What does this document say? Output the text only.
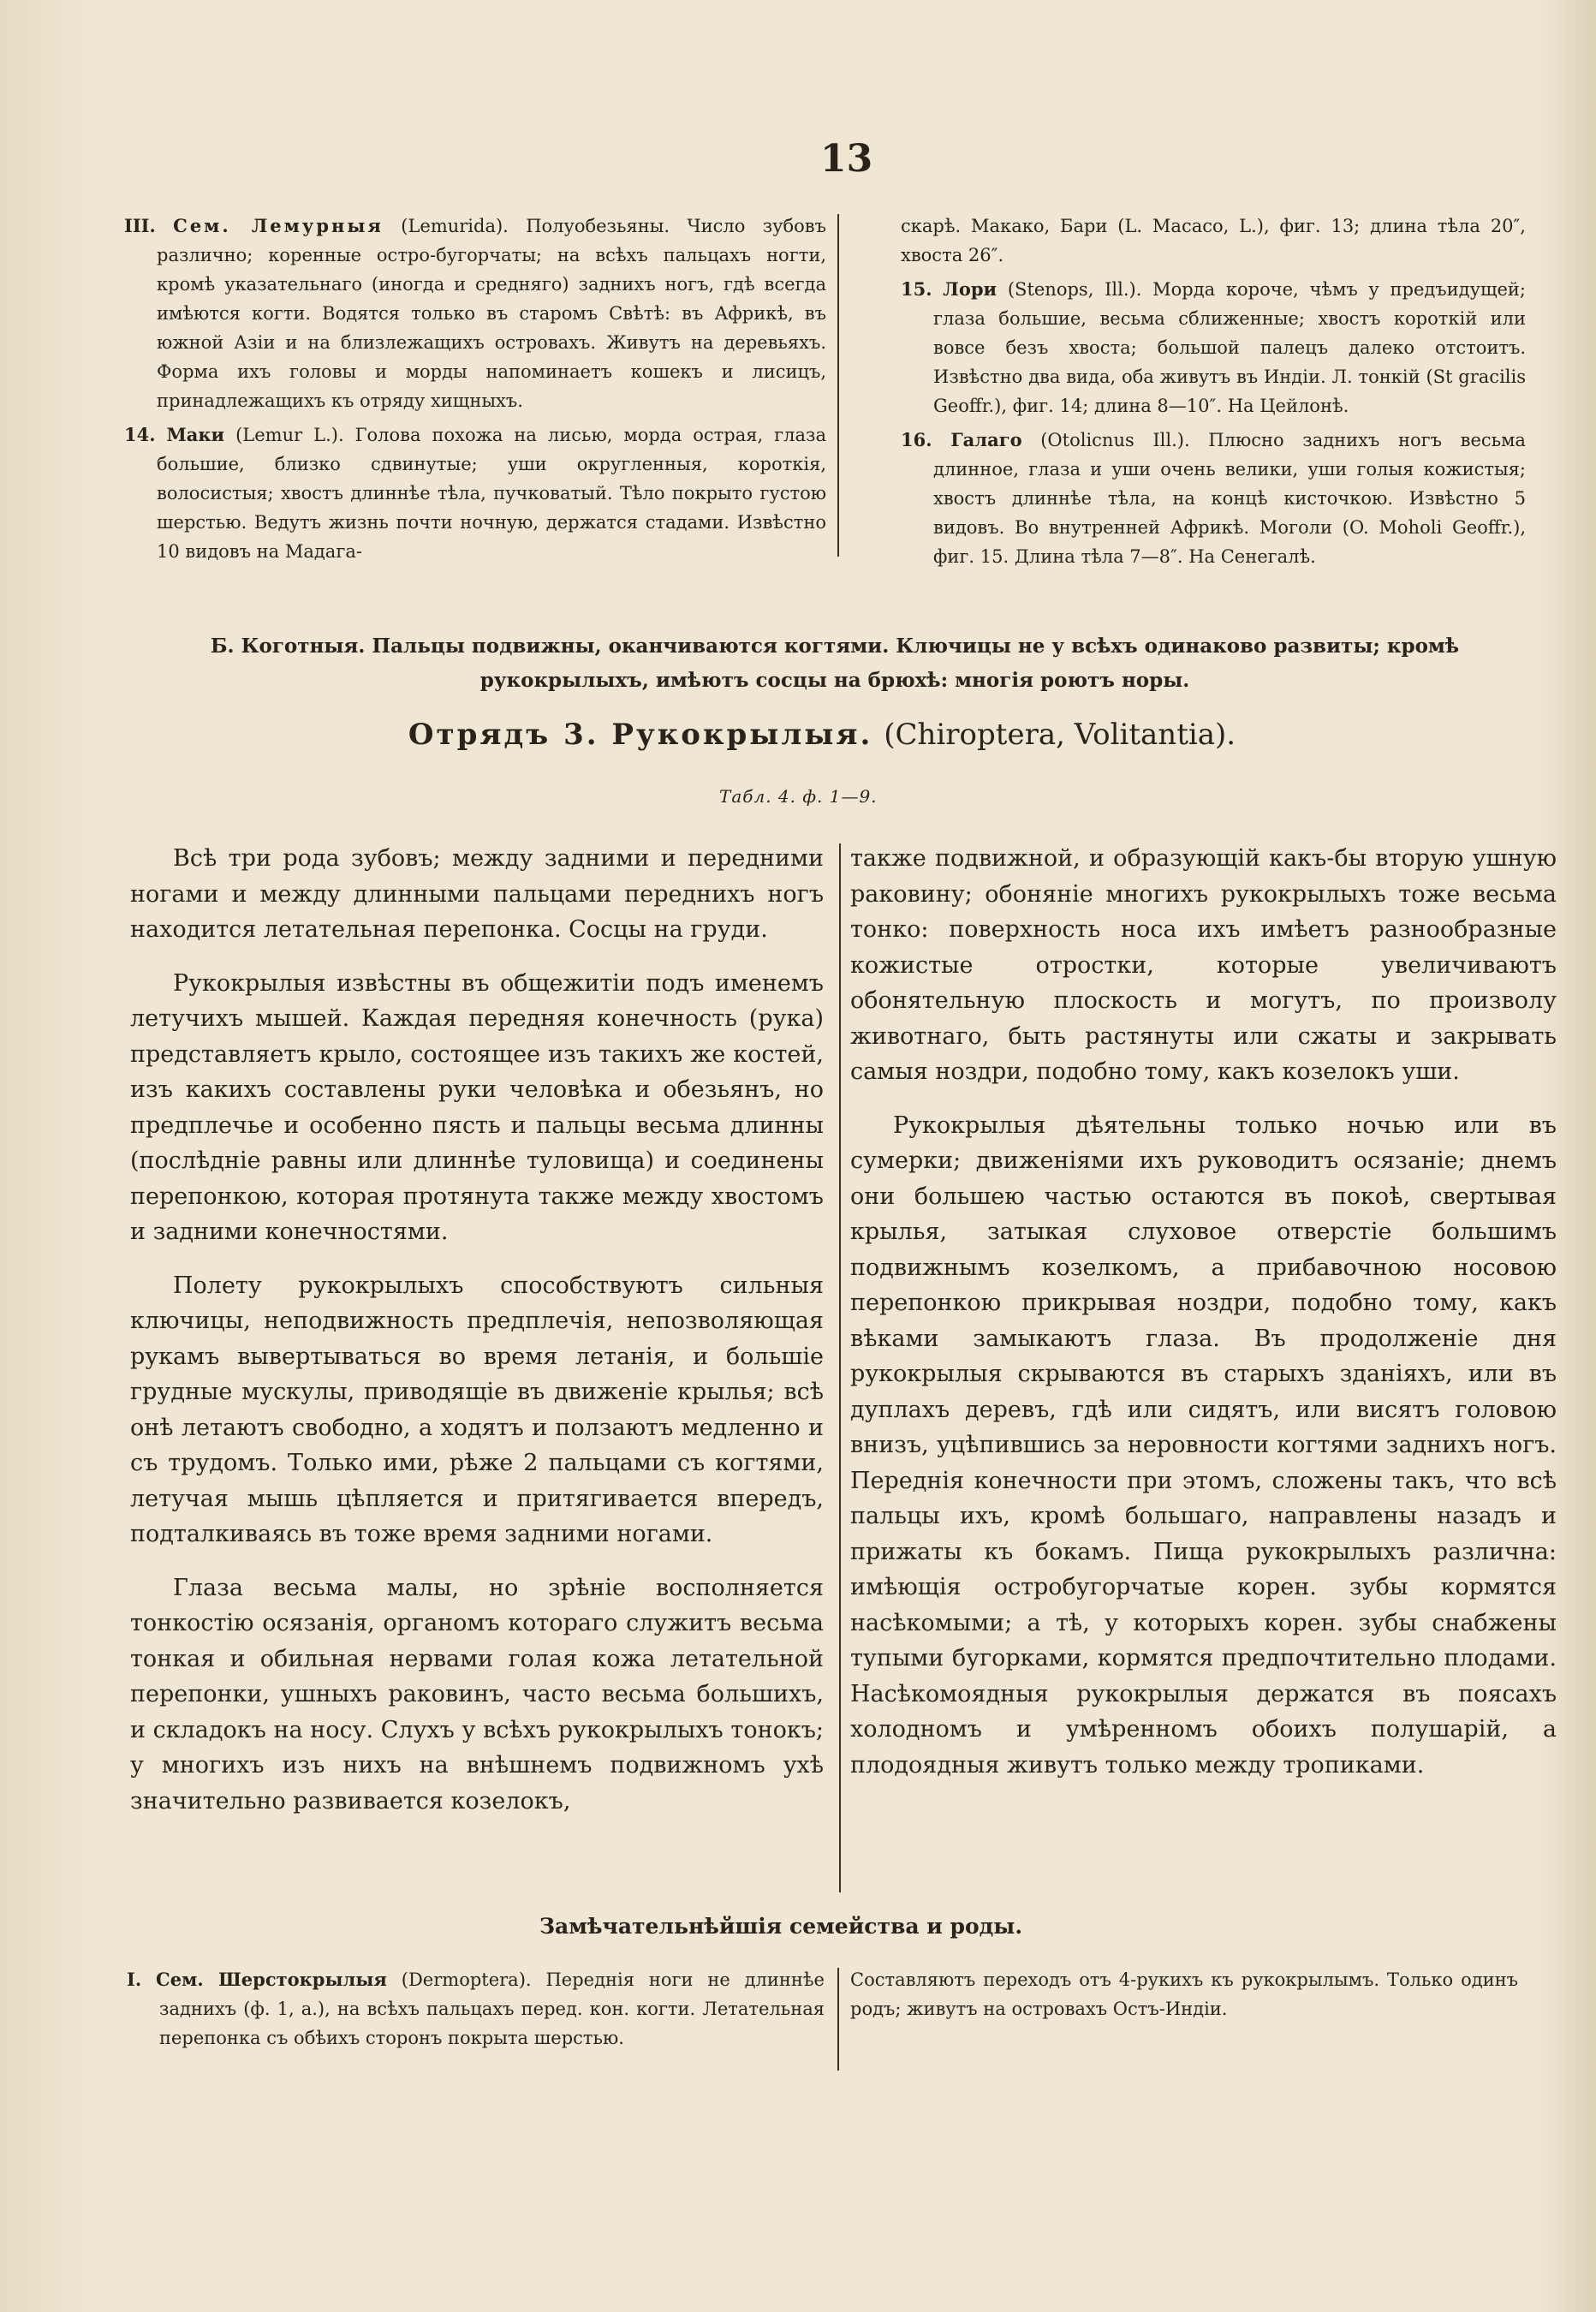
13

III. Сем. Лемурныя (Lemurida). Полуобезьяны. Число зубовъ различно; коренные остро-бугорчаты; на всѣхъ пальцахъ ногти, кромѣ указательнаго (иногда и средняго) заднихъ ногъ, гдѣ всегда имѣются когти. Водятся только въ старомъ Свѣтѣ: въ Африкѣ, въ южной Азіи и на близлежащихъ островахъ. Живутъ на деревьяхъ. Форма ихъ головы и морды напоминаетъ кошекъ и лисицъ, принадлежащихъ къ отряду хищныхъ.

14. Маки (Lemur L.). Голова похожа на лисью, морда острая, глаза большие, близко сдвинутые; уши округленныя, короткія, волосистыя; хвостъ длиннѣе тѣла, пучковатый. Тѣло покрыто густою шерстью. Ведутъ жизнь почти ночную, держатся стадами. Извѣстно 10 видовъ на Мадага-

скарѣ. Макако, Бари (L. Macaco, L.), фиг. 13; длина тѣла 20″, хвоста 26″.

15. Лори (Stenops, Ill.). Морда короче, чѣмъ у предъидущей; глаза большие, весьма сближенные; хвостъ короткій или вовсе безъ хвоста; большой палецъ далеко отстоитъ. Извѣстно два вида, оба живутъ въ Индіи. Л. тонкій (St gracilis Geoffr.), фиг. 14; длина 8—10″. На Цейлонѣ.

16. Галаго (Otolicnus Ill.). Плюсно заднихъ ногъ весьма длинное, глаза и уши очень велики, уши голыя кожистыя; хвостъ длиннѣе тѣла, на концѣ кисточкою. Извѣстно 5 видовъ. Во внутренней Африкѣ. Моголи (O. Moholi Geoffr.), фиг. 15. Длина тѣла 7—8″. На Сенегалѣ.

Б. Коготныя. Пальцы подвижны, оканчиваются когтями. Ключицы не у всѣхъ одинаково развиты; кромѣ
рукокрылыхъ, имѣютъ сосцы на брюхѣ: многія роютъ норы.
Отрядъ 3. Рукокрылыя. (Chiroptera, Volitantia).
Табл. 4. ф. 1—9.

Всѣ три рода зубовъ; между задними и передними ногами и между длинными пальцами переднихъ ногъ находится летательная перепонка. Сосцы на груди.

Рукокрылыя извѣстны въ общежитіи подъ именемъ летучихъ мышей. Каждая передняя конечность (рука) представляетъ крыло, состоящее изъ такихъ же костей, изъ какихъ составлены руки человѣка и обезьянъ, но предплечье и особенно пясть и пальцы весьма длинны (послѣдніе равны или длиннѣе туловища) и соединены перепонкою, которая протянута также между хвостомъ и задними конечностями.

Полету рукокрылыхъ способствуютъ сильныя ключицы, неподвижность предплечія, непозволяющая рукамъ вывертываться во время летанія, и большіе грудные мускулы, приводящіе въ движеніе крылья; всѣ онѣ летаютъ свободно, а ходятъ и ползаютъ медленно и съ трудомъ. Только ими, рѣже 2 пальцами съ когтями, летучая мышь цѣпляется и притягивается впередъ, подталкиваясь въ тоже время задними ногами.

Глаза весьма малы, но зрѣніе восполняется тонкостію осязанія, органомъ котораго служитъ весьма тонкая и обильная нервами голая кожа летательной перепонки, ушныхъ раковинъ, часто весьма большихъ, и складокъ на носу. Слухъ у всѣхъ рукокрылыхъ тонокъ; у многихъ изъ нихъ на внѣшнемъ подвижномъ ухѣ значительно развивается козелокъ,

также подвижной, и образующій какъ-бы вторую ушную раковину; обоняніе многихъ рукокрылыхъ тоже весьма тонко: поверхность носа ихъ имѣетъ разнообразные кожистые отростки, которые увеличиваютъ обонятельную плоскость и могутъ, по произволу животнаго, быть растянуты или сжаты и закрывать самыя ноздри, подобно тому, какъ козелокъ уши.

Рукокрылыя дѣятельны только ночью или въ сумерки; движеніями ихъ руководитъ осязаніе; днемъ они большею частью остаются въ покоѣ, свертывая крылья, затыкая слуховое отверстіе большимъ подвижнымъ козелкомъ, а прибавочною носовою перепонкою прикрывая ноздри, подобно тому, какъ вѣками замыкаютъ глаза. Въ продолженіе дня рукокрылыя скрываются въ старыхъ зданіяхъ, или въ дуплахъ деревъ, гдѣ или сидятъ, или висятъ головою внизъ, уцѣпившись за неровности когтями заднихъ ногъ. Переднія конечности при этомъ, сложены такъ, что всѣ пальцы ихъ, кромѣ большаго, направлены назадъ и прижаты къ бокамъ. Пища рукокрылыхъ различна: имѣющія остробугорчатые корен. зубы кормятся насѣкомыми; а тѣ, у которыхъ корен. зубы снабжены тупыми бугорками, кормятся предпочтительно плодами. Насѣкомоядныя рукокрылыя держатся въ поясахъ холодномъ и умѣренномъ обоихъ полушарій, а плодоядныя живутъ только между тропиками.

Замѣчательнѣйшія семейства и роды.

I. Сем. Шерстокрылыя (Dermoptera). Переднія ноги не длиннѣе заднихъ (ф. 1, а.), на всѣхъ пальцахъ перед. кон. когти. Летательная перепонка съ обѣихъ сторонъ покрыта шерстью.

Составляютъ переходъ отъ 4-рукихъ къ рукокрылымъ. Только одинъ родъ; живутъ на островахъ Остъ-Индіи.
